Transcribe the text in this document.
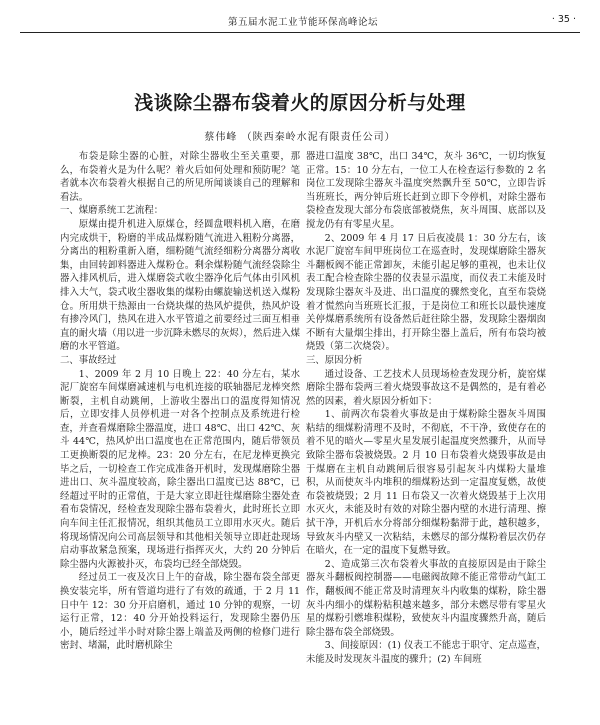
第五届水泥工业节能环保高峰论坛	· 35 ·
浅谈除尘器布袋着火的原因分析与处理
蔡伟峰 （陕西秦岭水泥有限责任公司）

布袋是除尘器的心脏，对除尘器收尘至关重要，那么，布袋着火是为什么呢？着火后如何处理和预防呢？笔者就本次布袋着火根据自己的所见所闻谈谈自己的理解和看法。

一、煤磨系统工艺流程：

原煤由提升机进入原煤仓，经圆盘喂料机入磨，在磨内完成烘干，粉磨的半成品煤粉随气流进入粗粉分离器，分离出的粗粉重新入磨，细粉随气流经细粉分离器分离收集，由回转卸料器进入煤粉仓。剩余煤粉随气流经袋除尘器入排风机后，进入煤磨袋式收尘器净化后气体由引风机排入大气，袋式收尘器收集的煤粉由螺旋输送机送入煤粉仓。所用烘干热源由一台烧块煤的热风炉提供，热风炉设有掺冷风门，热风在进入水平管道之前要经过三面互相垂直的耐火墙（用以进一步沉降未燃尽的灰烬），然后进入煤磨的水平管道。

二、事故经过

1、2009 年 2 月 10 日晚上 22：40 分左右，某水泥厂旋窑车间煤磨减速机与电机连接的联轴器尼龙棒突然断裂，主机自动跳闸，上游收尘器出口的温度得知情况后，立即安排人员停机进一对各个控制点及系统进行检查，并查看煤磨除尘器温度，进口 48℃、出口 42℃、灰斗 44℃，热风炉出口温度也在正常范围内，随后带领员工更换断裂的尼龙棒。23：20 分左右，在尼龙棒更换完毕之后，一切检查工作完成准备开机时，发现煤磨除尘器进出口、灰斗温度较高，除尘器出口温度已达 88℃，已经超过平时的正常值，于是大家立即赶往煤磨除尘器处查看布袋情况，经检查发现除尘器布袋着火，此时班长立即向车间主任汇报情况，组织其他员工立即用水灭火。随后将现场情况向公司高层领导和其他相关领导立即赶赴现场启动事故紧急预案，现场进行指挥灭火，大约 20 分钟后除尘器内火源被扑灭，布袋均已经全部烧毁。

经过员工一夜及次日上午的奋战，除尘器布袋全部更换安装完毕，所有管道均进行了有效的疏通，于 2 月 11 日中午 12：30 分开启磨机，通过 10 分钟的观察，一切运行正常，12：40 分开始投料运行，发现除尘器仍压小，随后经过半小时对除尘器上端盖及两侧的检修门进行密封、堵漏，此时磨机除尘

器进口温度 38℃，出口 34℃，灰斗 36℃，一切均恢复正常。15：10 分左右，一位工人在检查运行参数的 2 名岗位工发现除尘器灰斗温度突然飘升至 50℃，立即告诉当班班长，两分钟后班长赶到立即下令停机，对除尘器布袋检查发现大部分布袋底部被烧焦，灰斗周围、底部以及搅龙仍有有零星火星。

2、2009 年 4 月 17 日后夜凌晨 1：30 分左右，该水泥厂旋窑车间甲班岗位工在巡查时，发现煤磨除尘器灰斗翻板阀不能正常卸灰，未能引起足够的重视，也未让仪表工配合检查除尘器的仪表显示温度，而仪表工未能及时发现除尘器灰斗及进、出口温度的骤然变化，直至布袋烧着才慌然向当班班长汇报，于是岗位工和班长以最快速度关停煤磨系统所有设备然后赶往除尘器，发现除尘器烟囱不断有大量烟尘排出，打开除尘器上盖后，所有布袋均被烧毁（第二次烧袋）。

三、原因分析

通过设备、工艺技术人员现场检查发现分析，旋窑煤磨除尘器布袋两三着火烧毁事故这不是偶然的，是有着必然的因素，着火原因分析如下：

1、前两次布袋着火事故是由于煤粉除尘器灰斗周围粘结的细煤粉清理不及时，不彻底，不干净，致使存在的着不见的暗火—零星火星发展引起温度突然骤升，从而导致除尘器布袋被烧毁。2 月 10 日布袋着火烧毁事故是由于煤磨在主机自动跳闸后很容易引起灰斗内煤粉大量堆积，从而使灰斗内堆积的细煤粉达到一定温度复燃，故使布袋被烧毁；2 月 11 日布袋又一次着火烧毁基于上次用水灭火，未能及时有效的对除尘器内壁的水进行清理、擦拭干净，开机后水分将部分细煤粉黏滞于此，越积越多，导致灰斗内壁又一次粘结，未燃尽的部分煤粉着层次仍存在暗火，在一定的温度下复燃导致。

2、造成第三次布袋着火事故的直接原因是由于除尘器灰斗翻板阀控制器——电磁阀故障不能正常带动气缸工作，翻板阀不能正常及时清理灰斗内收集的煤粉，除尘器灰斗内细小的煤粉粘积越来越多，部分未燃尽带有零星火星的煤粉引燃堆积煤粉，致使灰斗内温度骤然升高，随后除尘器布袋全部烧毁。

3、间接原因：(1) 仪表工不能忠于职守、定点巡查，未能及时发现灰斗温度的骤升；(2) 车间班
